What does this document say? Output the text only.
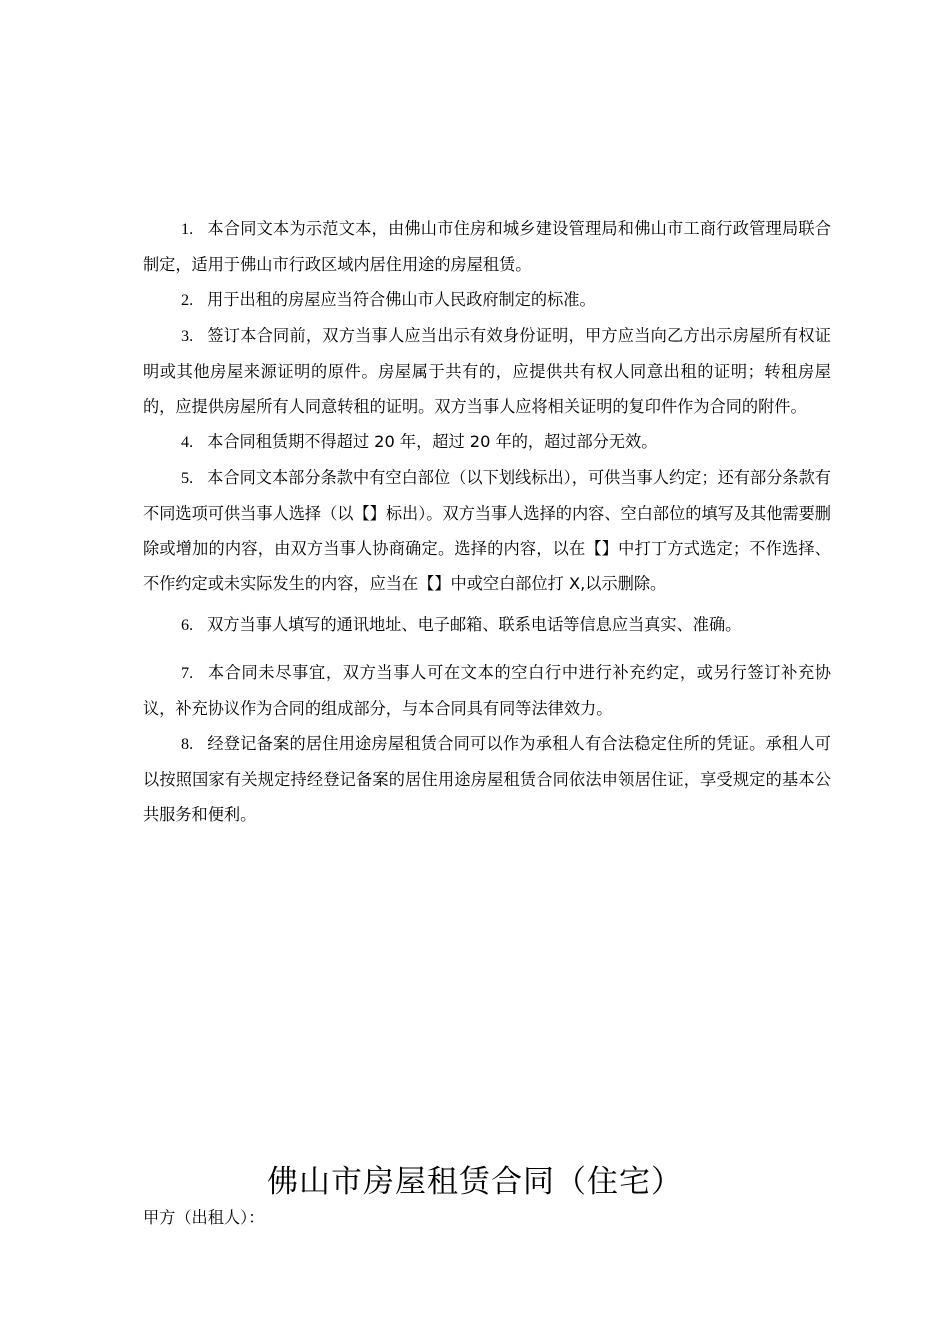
1. 本合同文本为示范文本，由佛山市住房和城乡建设管理局和佛山市工商行政管理局联合制定，适用于佛山市行政区域内居住用途的房屋租赁。

2. 用于出租的房屋应当符合佛山市人民政府制定的标准。

3. 签订本合同前，双方当事人应当出示有效身份证明，甲方应当向乙方出示房屋所有权证明或其他房屋来源证明的原件。房屋属于共有的，应提供共有权人同意出租的证明；转租房屋的，应提供房屋所有人同意转租的证明。双方当事人应将相关证明的复印件作为合同的附件。

4. 本合同租赁期不得超过 20 年，超过 20 年的，超过部分无效。

5. 本合同文本部分条款中有空白部位（以下划线标出），可供当事人约定；还有部分条款有不同选项可供当事人选择（以【】标出）。双方当事人选择的内容、空白部位的填写及其他需要删除或增加的内容，由双方当事人协商确定。选择的内容，以在【】中打丁方式选定；不作选择、不作约定或未实际发生的内容，应当在【】中或空白部位打 X,以示删除。

6. 双方当事人填写的通讯地址、电子邮箱、联系电话等信息应当真实、准确。

7. 本合同未尽事宜，双方当事人可在文本的空白行中进行补充约定，或另行签订补充协议，补充协议作为合同的组成部分，与本合同具有同等法律效力。

8. 经登记备案的居住用途房屋租赁合同可以作为承租人有合法稳定住所的凭证。承租人可以按照国家有关规定持经登记备案的居住用途房屋租赁合同依法申领居住证，享受规定的基本公共服务和便利。

佛山市房屋租赁合同（住宅）
甲方（出租人）：
